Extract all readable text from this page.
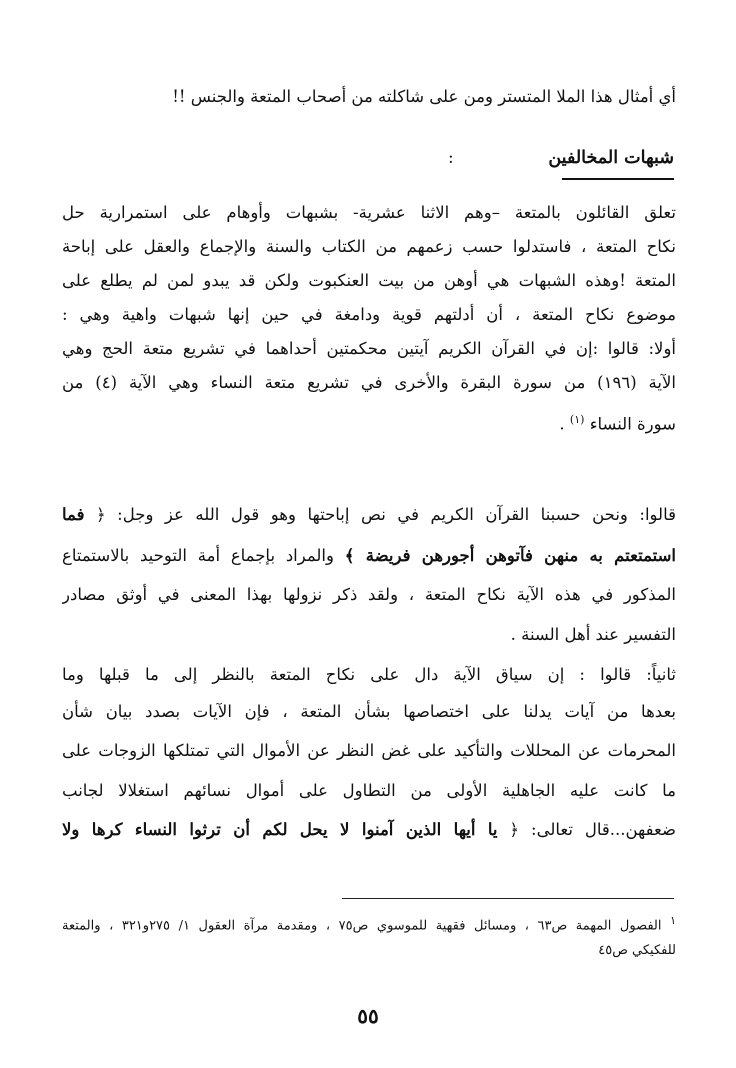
أي أمثال هذا الملا المتستر ومن على شاكلته من أصحاب المتعة والجنس !!
شبهات المخالفين
:
تعلق القائلون بالمتعة –وهم الاثنا عشرية- بشبهات وأوهام على استمرارية حل
نكاح المتعة ، فاستدلوا حسب زعمهم من الكتاب والسنة والإجماع والعقل على إباحة
المتعة !وهذه الشبهات هي أوهن من بيت العنكبوت ولكن قد يبدو لمن لم يطلع على
موضوع نكاح المتعة ، أن أدلتهم قوية ودامغة في حين إنها شبهات واهية وهي :
أولا: قالوا :إن في القرآن الكريم آيتين محكمتين أحداهما في تشريع متعة الحج وهي
الآية (١٩٦) من سورة البقرة والأخرى في تشريع متعة النساء وهي الآية (٤) من
سورة النساء $^{(١)}$ .
قالوا: ونحن حسبنا القرآن الكريم في نص إباحتها وهو قول الله عز وجل: ﴿ فما
استمتعتم به منهن فآتوهن أجورهن فريضة ﴾ والمراد بإجماع أمة التوحيد بالاستمتاع
المذكور في هذه الآية نكاح المتعة ، ولقد ذكر نزولها بهذا المعنى في أوثق مصادر
التفسير عند أهل السنة .
ثانياً: قالوا : إن سياق الآية دال على نكاح المتعة بالنظر إلى ما قبلها وما
بعدها من آيات يدلنا على اختصاصها بشأن المتعة ، فإن الآيات بصدد بيان شأن
المحرمات عن المحللات والتأكيد على غض النظر عن الأموال التي تمتلكها الزوجات على
ما كانت عليه الجاهلية الأولى من التطاول على أموال نسائهم استغلالا لجانب
ضعفهن...قال تعالى: ﴿ يا أيها الذين آمنوا لا يحل لكم أن ترثوا النساء كرها ولا
$^١$ الفصول المهمة ص٦٣ ، ومسائل فقهية للموسوي ص٧٥ ، ومقدمة مرآة العقول ١/ ٢٧٥و٣٢١ ، والمتعة
للفكيكي ص٤٥
٥٥
